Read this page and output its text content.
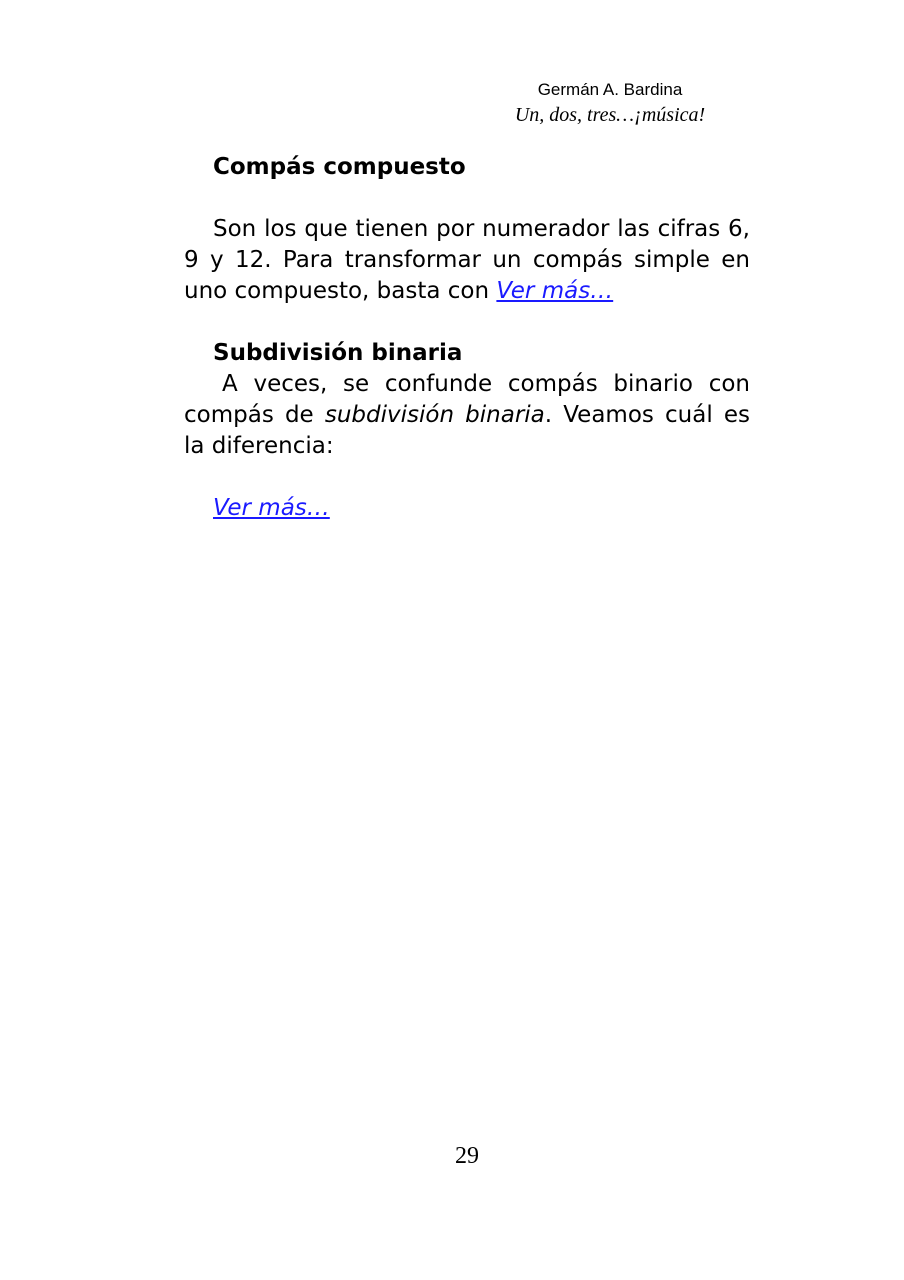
Germán A. Bardina
Un, dos, tres…¡música!
Compás compuesto

Son los que tienen por numerador las cifras 6, 9 y 12. Para transformar un compás simple en uno compuesto, basta con Ver más…

Subdivisión binaria

A veces, se confunde compás binario con compás de subdivisión binaria. Veamos cuál es la diferencia:

Ver más…

29
